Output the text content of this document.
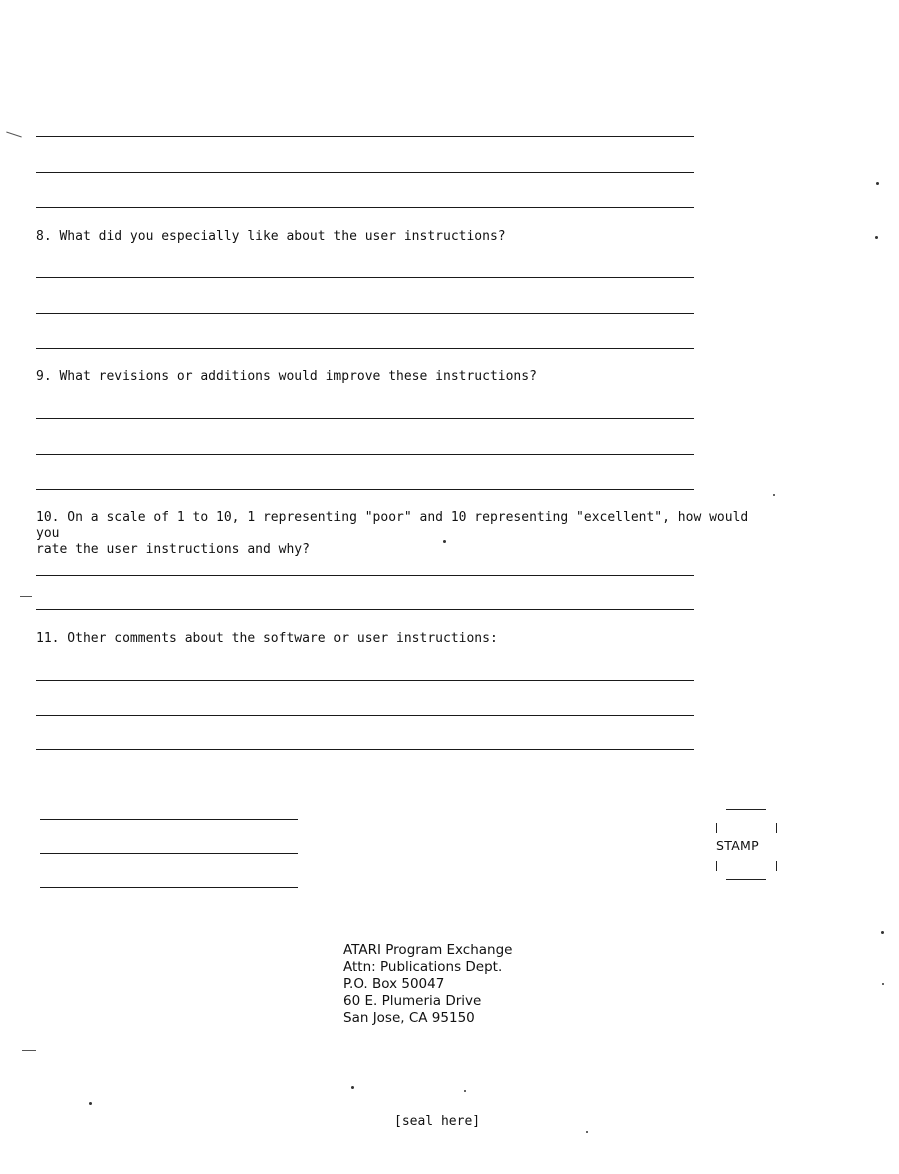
8. What did you especially like about the user instructions?
9. What revisions or additions would improve these instructions?
10. On a scale of 1 to 10, 1 representing "poor" and 10 representing "excellent", how would you
rate the user instructions and why?
11. Other comments about the software or user instructions:
STAMP
ATARI Program Exchange
Attn: Publications Dept.
P.O. Box 50047
60 E. Plumeria Drive
San Jose, CA 95150
[seal here]
